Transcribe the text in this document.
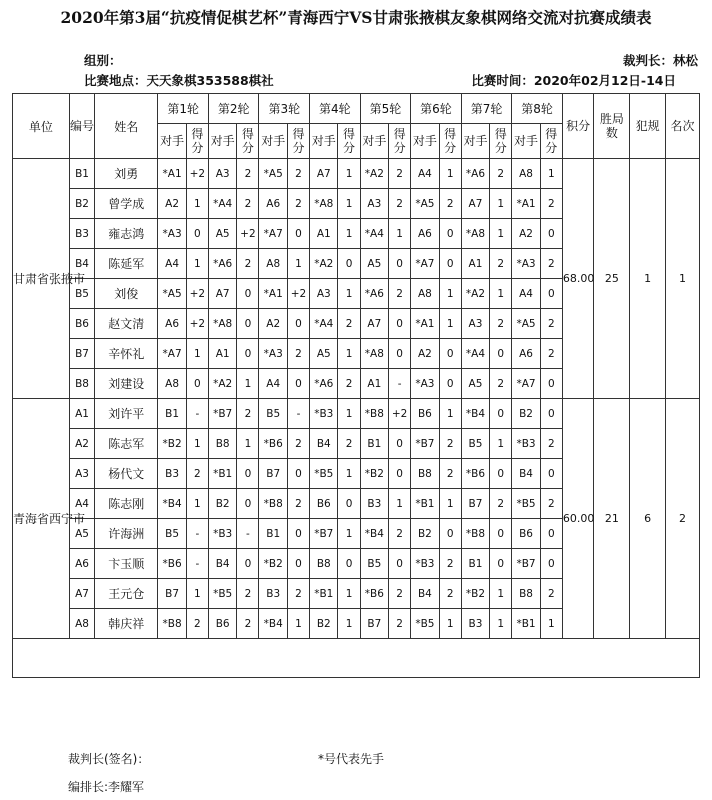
2020年第3届“抗疫情促棋艺杯”青海西宁VS甘肃张掖棋友象棋网络交流对抗赛成绩表
组别：	裁判长：林松
比赛地点：天天象棋353588棋社	比赛时间：2020年02月12日-14日
单位	编号	姓名	第1轮		第2轮		第3轮		第4轮		第5轮		第6轮		第7轮		第8轮		积分	胜局数	犯规	名次
			对手	得分	对手	得分	对手	得分	对手	得分	对手	得分	对手	得分	对手	得分	对手	得分				
甘肃省张掖市	B1	刘勇	*A1	+2	A3	2	*A5	2	A7	1	*A2	2	A4	1	*A6	2	A8	1	68.00	25	1	1
	B2	曾学成	A2	1	*A4	2	A6	2	*A8	1	A3	2	*A5	2	A7	1	*A1	2				
	B3	雍志鸿	*A3	0	A5	+2	*A7	0	A1	1	*A4	1	A6	0	*A8	1	A2	0				
	B4	陈延军	A4	1	*A6	2	A8	1	*A2	0	A5	0	*A7	0	A1	2	*A3	2				
	B5	刘俊	*A5	+2	A7	0	*A1	+2	A3	1	*A6	2	A8	1	*A2	1	A4	0				
	B6	赵文清	A6	+2	*A8	0	A2	0	*A4	2	A7	0	*A1	1	A3	2	*A5	2				
	B7	辛怀礼	*A7	1	A1	0	*A3	2	A5	1	*A8	0	A2	0	*A4	0	A6	2				
	B8	刘建设	A8	0	*A2	1	A4	0	*A6	2	A1	-	*A3	0	A5	2	*A7	0				
青海省西宁市	A1	刘许平	B1	-	*B7	2	B5	-	*B3	1	*B8	+2	B6	1	*B4	0	B2	0	60.00	21	6	2
	A2	陈志军	*B2	1	B8	1	*B6	2	B4	2	B1	0	*B7	2	B5	1	*B3	2				
	A3	杨代文	B3	2	*B1	0	B7	0	*B5	1	*B2	0	B8	2	*B6	0	B4	0				
	A4	陈志刚	*B4	1	B2	0	*B8	2	B6	0	B3	1	*B1	1	B7	2	*B5	2				
	A5	许海洲	B5	-	*B3	-	B1	0	*B7	1	*B4	2	B2	0	*B8	0	B6	0				
	A6	卞玉顺	*B6	-	B4	0	*B2	0	B8	0	B5	0	*B3	2	B1	0	*B7	0				
	A7	王元仓	B7	1	*B5	2	B3	2	*B1	1	*B6	2	B4	2	*B2	1	B8	2				
	A8	韩庆祥	*B8	2	B6	2	*B4	1	B2	1	B7	2	*B5	1	B3	1	*B1	1				

裁判长(签名)：	*号代表先手
编排长:李耀军
